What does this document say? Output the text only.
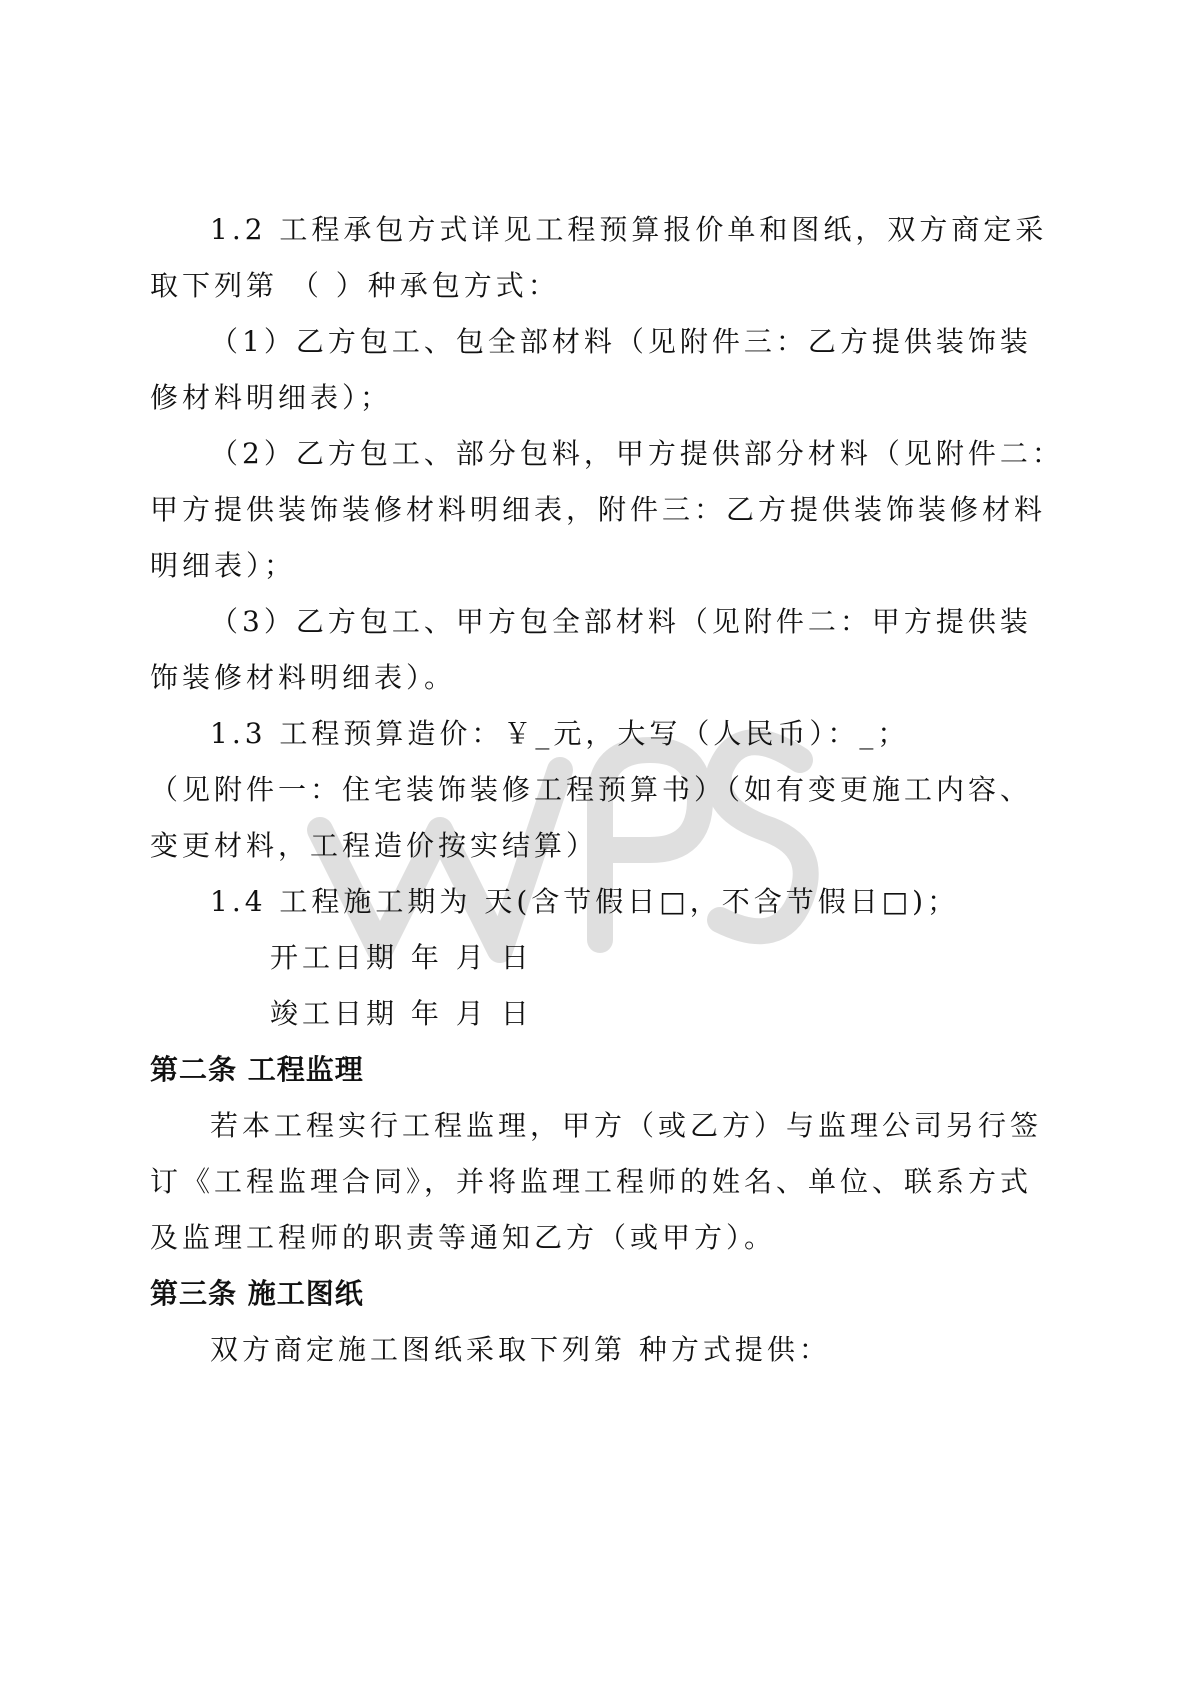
1.2 工程承包方式详见工程预算报价单和图纸，双方商定采
取下列第 （ ）种承包方式：
（1）乙方包工、包全部材料（见附件三：乙方提供装饰装
修材料明细表）；
（2）乙方包工、部分包料，甲方提供部分材料（见附件二：
甲方提供装饰装修材料明细表，附件三：乙方提供装饰装修材料
明细表）；
（3）乙方包工、甲方包全部材料（见附件二：甲方提供装
饰装修材料明细表）。
1.3 工程预算造价：￥_元，大写（人民币）：_；
（见附件一：住宅装饰装修工程预算书）（如有变更施工内容、
变更材料，工程造价按实结算）
1.4 工程施工期为 天(含节假日□，不含节假日□)；
开工日期 年 月 日
竣工日期 年 月 日
第二条 工程监理
若本工程实行工程监理，甲方（或乙方）与监理公司另行签
订《工程监理合同》，并将监理工程师的姓名、单位、联系方式
及监理工程师的职责等通知乙方（或甲方）。
第三条 施工图纸
双方商定施工图纸采取下列第 种方式提供：
